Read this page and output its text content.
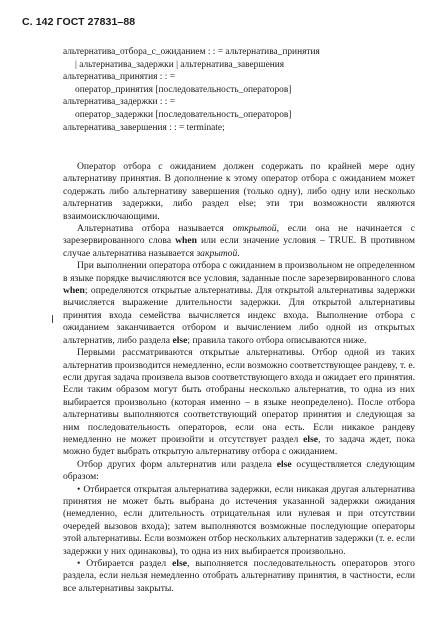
С. 142 ГОСТ 27831–88
альтернатива_отбора_с_ожиданием : : = альтернатива_принятия
| альтернатива_задержки | альтернатива_завершения
альтернатива_принятия : : =
оператор_принятия [последовательность_операторов]
альтернатива_задержки : : =
оператор_задержки [последовательность_операторов]
альтернатива_завершения : : = terminate;

Оператор отбора с ожиданием должен содержать по крайней мере одну альтернативу принятия. В дополнение к этому оператор отбора с ожиданием может содержать либо альтернативу завершения (только одну), либо одну или несколько альтернатив задержки, либо раздел else; эти три возможности являются взаимоисключающими.

Альтернатива отбора называется открытой, если она не начинается с зарезервированного слова when или если значение условия – TRUE. В противном случае альтернатива называется закрытой.

При выполнении оператора отбора с ожиданием в произвольном не определенном в языке порядке вычисляются все условия, заданные после зарезервированного слова when; определяются открытые альтернативы. Для открытой альтернативы задержки вычисляется выражение длительности задержки. Для открытой альтернативы принятия входа семейства вычисляется индекс входа. Выполнение отбора с ожиданием заканчивается отбором и вычислением либо одной из открытых альтернатив, либо раздела else; правила такого отбора описываются ниже.

Первыми рассматриваются открытые альтернативы. Отбор одной из таких альтернатив производится немедленно, если возможно соответствующее рандеву, т. е. если другая задача произвела вызов соответствующего входа и ожидает его принятия. Если таким образом могут быть отобраны несколько альтернатив, то одна из них выбирается произвольно (которая именно – в языке неопределено). После отбора альтернативы выполняются соответствующий оператор принятия и следующая за ним последовательность операторов, если она есть. Если никакое рандеву немедленно не может произойти и отсутствует раздел else, то задача ждет, пока можно будет выбрать открытую альтернативу отбора с ожиданием.

Отбор других форм альтернатив или раздела else осуществляется следующим образом:

• Отбирается открытая альтернатива задержки, если никакая другая альтернатива принятия не может быть выбрана до истечения указанной задержки ожидания (немедленно, если длительность отрицательная или нулевая и при отсутствии очередей вызовов входа); затем выполняются возможные последующие операторы этой альтернативы. Если возможен отбор нескольких альтернатив задержки (т. е. если задержки у них одинаковы), то одна из них выбирается произвольно.

• Отбирается раздел else, выполняется последовательность операторов этого раздела, если нельзя немедленно отобрать альтернативу принятия, в частности, если все альтернативы закрыты.
